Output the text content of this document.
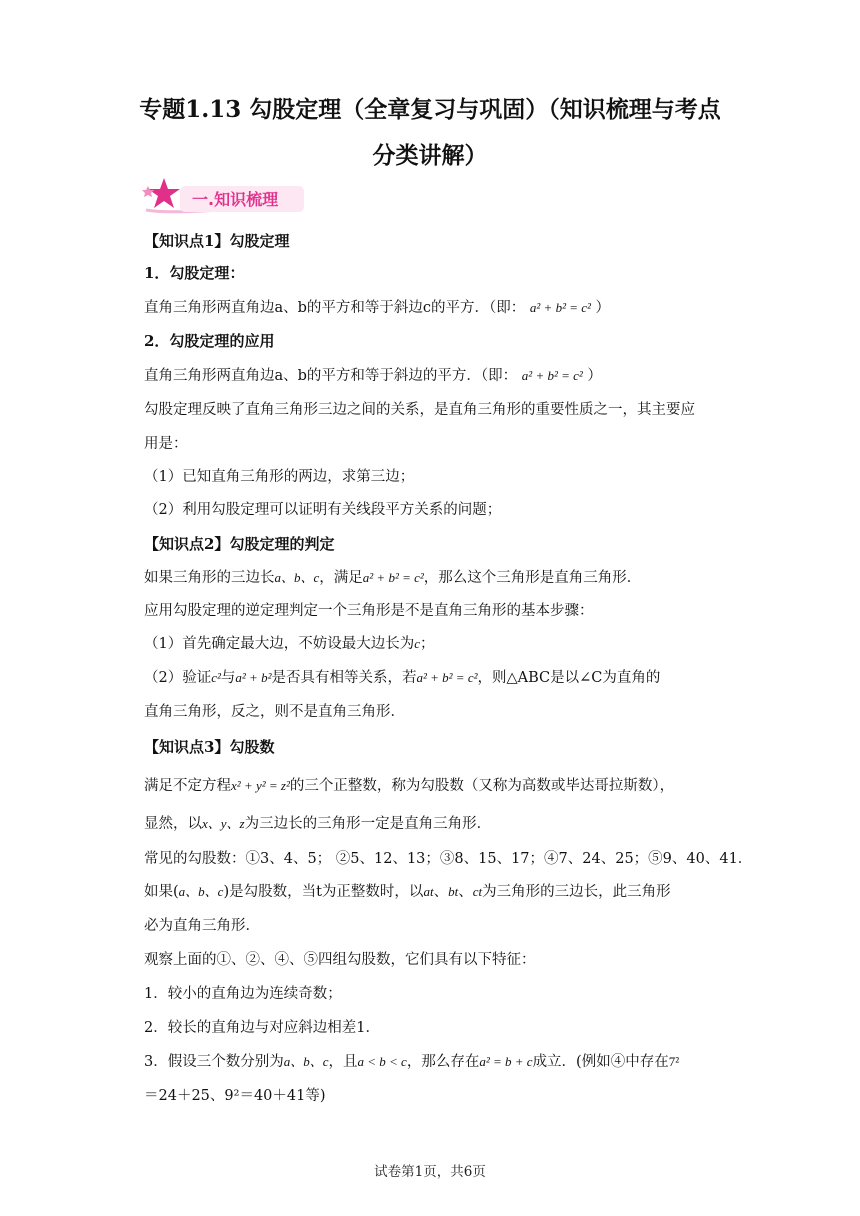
专题1.13 勾股定理（全章复习与巩固）（知识梳理与考点
分类讲解）
一.知识梳理
【知识点1】勾股定理
1．勾股定理：
直角三角形两直角边a、b的平方和等于斜边c的平方．（即： a² + b² = c² ）
2．勾股定理的应用
直角三角形两直角边a、b的平方和等于斜边的平方．（即： a² + b² = c² ）
勾股定理反映了直角三角形三边之间的关系，是直角三角形的重要性质之一，其主要应
用是：
（1）已知直角三角形的两边，求第三边；
（2）利用勾股定理可以证明有关线段平方关系的问题；
【知识点2】勾股定理的判定
如果三角形的三边长a、b、c，满足a² + b² = c²，那么这个三角形是直角三角形．
应用勾股定理的逆定理判定一个三角形是不是直角三角形的基本步骤：
（1）首先确定最大边，不妨设最大边长为c；
（2）验证c²与a² + b²是否具有相等关系，若a² + b² = c²，则△ABC是以∠C为直角的
直角三角形，反之，则不是直角三角形．
【知识点3】勾股数
满足不定方程x² + y² = z²的三个正整数，称为勾股数（又称为高数或毕达哥拉斯数），
显然，以x、y、z为三边长的三角形一定是直角三角形．
常见的勾股数：①3、4、5； ②5、12、13；③8、15、17；④7、24、25；⑤9、40、41．
如果(a、b、c)是勾股数，当t为正整数时，以at、bt、ct为三角形的三边长，此三角形
必为直角三角形．
观察上面的①、②、④、⑤四组勾股数，它们具有以下特征：
1．较小的直角边为连续奇数；
2．较长的直角边与对应斜边相差1．
3．假设三个数分别为a、b、c，且a < b < c，那么存在a² = b + c成立．(例如④中存在7²
＝24＋25、9²＝40＋41等)
试卷第1页，共6页
